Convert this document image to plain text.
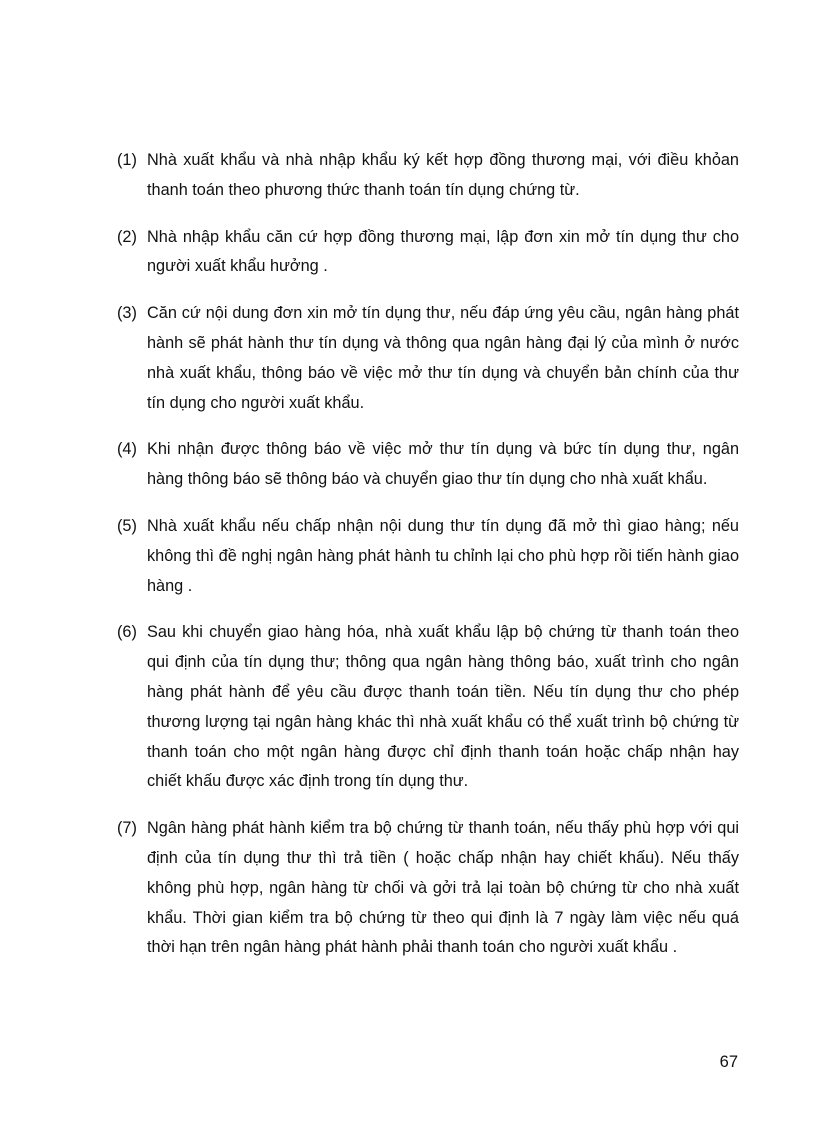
(1) Nhà xuất khẩu và nhà nhập khẩu ký kết hợp đồng thương mại, với điều khỏan thanh toán theo phương thức thanh toán tín dụng chứng từ.
(2) Nhà nhập khẩu căn cứ hợp đồng thương mại, lập đơn xin mở tín dụng thư cho người xuất khẩu hưởng .
(3) Căn cứ nội dung đơn xin mở tín dụng thư, nếu đáp ứng yêu cầu, ngân hàng phát hành sẽ phát hành thư tín dụng và thông qua ngân hàng đại lý của mình ở nước nhà xuất khẩu, thông báo về việc mở thư tín dụng và chuyển bản chính của thư tín dụng cho người xuất khẩu.
(4) Khi nhận được thông báo về việc mở thư tín dụng và bức tín dụng thư, ngân hàng thông báo sẽ thông báo và chuyển giao thư tín dụng cho nhà xuất khẩu.
(5) Nhà xuất khẩu nếu chấp nhận nội dung thư tín dụng đã mở thì giao hàng; nếu không thì đề nghị ngân hàng phát hành tu chỉnh lại cho phù hợp rồi tiến hành giao hàng .
(6) Sau khi chuyển giao hàng hóa, nhà xuất khẩu lập bộ chứng từ thanh toán theo qui định của tín dụng thư; thông qua ngân hàng thông báo, xuất trình cho ngân hàng phát hành để yêu cầu được thanh toán tiền. Nếu tín dụng thư cho phép thương lượng tại ngân hàng khác thì nhà xuất khẩu có thể xuất trình bộ chứng từ thanh toán cho một ngân hàng được chỉ định thanh toán hoặc chấp nhận hay chiết khấu được xác định trong tín dụng thư.
(7) Ngân hàng phát hành kiểm tra bộ chứng từ thanh toán, nếu thấy phù hợp với qui định của tín dụng thư thì trả tiền ( hoặc chấp nhận hay chiết khấu). Nếu thấy không phù hợp, ngân hàng từ chối và gởi trả lại toàn bộ chứng từ cho nhà xuất khẩu. Thời gian kiểm tra bộ chứng từ theo qui định là 7 ngày làm việc nếu quá thời hạn trên ngân hàng phát hành phải thanh toán cho người xuất khẩu .
67
